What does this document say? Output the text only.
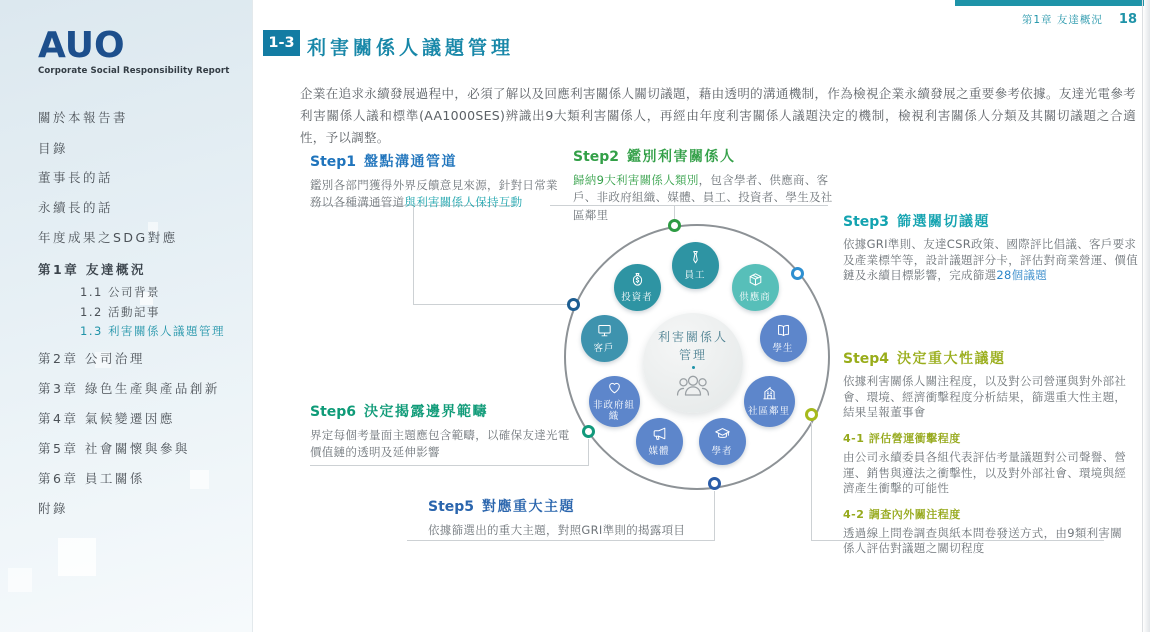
AUO
Corporate Social Responsibility Report
關於本報告書
目錄
董事長的話
永續長的話
年度成果之SDG對應
第1章 友達概況
1.1 公司背景
1.2 活動記事
1.3 利害關係人議題管理
第2章 公司治理
第3章 綠色生產與產品創新
第4章 氣候變遷因應
第5章 社會關懷與參與
第6章 員工關係
附錄
第1章 友達概況 18
1-3 利害關係人議題管理
企業在追求永續發展過程中，必須了解以及回應利害關係人關切議題，藉由透明的溝通機制，作為檢視企業永續發展之重要參考依據。友達光電參考利害關係人議和標準(AA1000SES)辨識出9大類利害關係人，再經由年度利害關係人議題決定的機制，檢視利害關係人分類及其關切議題之合適性，予以調整。
員工
投資者	供應商
客戶	學生
非政府組織	社區鄰里
媒體	學者
利害關係人
管理
Step1 盤點溝通管道

鑑別各部門獲得外界反饋意見來源，針對日常業務以各種溝通管道與利害關係人保持互動

Step2 鑑別利害關係人

歸納9大利害關係人類別，包含學者、供應商、客戶、非政府組織、媒體、員工、投資者、學生及社區鄰里	Step3 篩選關切議題

依據GRI準則、友達CSR政策、國際評比倡議、客戶要求及產業標竿等，設計議題評分卡，評估對商業營運、價值鏈及永續目標影響，完成篩選28個議題

Step4 決定重大性議題

依據利害關係人關注程度，以及對公司營運與對外部社會、環境、經濟衝擊程度分析結果，篩選重大性主題，結果呈報董事會

4-1 評估營運衝擊程度

由公司永續委員各組代表評估考量議題對公司聲譽、營運、銷售與遵法之衝擊性，以及對外部社會、環境與經濟產生衝擊的可能性

4-2 調查內外關注程度

透過線上問卷調查與紙本問卷發送方式，由9類利害關係人評估對議題之關切程度

Step5 對應重大主題

依據篩選出的重大主題，對照GRI準則的揭露項目

Step6 決定揭露邊界範疇

界定每個考量面主題應包含範疇，以確保友達光電價值鏈的透明及延伸影響
